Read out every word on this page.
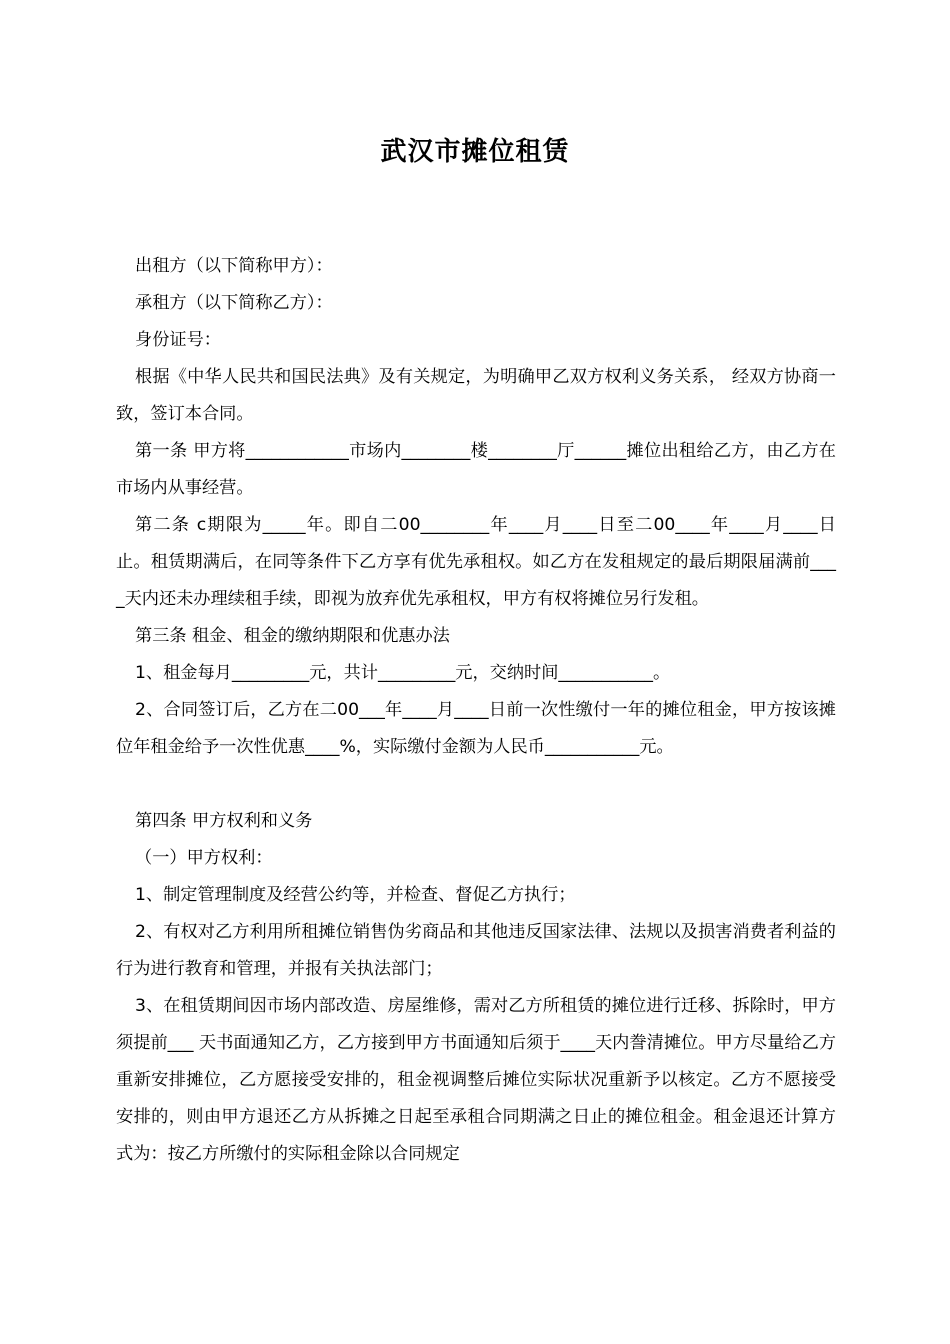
武汉市摊位租赁

出租方（以下简称甲方）：

承租方（以下简称乙方）：

身份证号：

根据《中华人民共和国民法典》及有关规定，为明确甲乙双方权利义务关系， 经双方协商一致，签订本合同。

第一条 甲方将____________市场内________楼________厅______摊位出租给乙方，由乙方在市场内从事经营。

第二条 c期限为_____年。即自二00________年____月____日至二00____年____月____日止。租赁期满后，在同等条件下乙方享有优先承租权。如乙方在发租规定的最后期限届满前____天内还未办理续租手续，即视为放弃优先承租权，甲方有权将摊位另行发租。

第三条 租金、租金的缴纳期限和优惠办法

1、租金每月_________元，共计_________元，交纳时间___________。

2、合同签订后，乙方在二00___年____月____日前一次性缴付一年的摊位租金，甲方按该摊位年租金给予一次性优惠____%，实际缴付金额为人民币___________元。

第四条 甲方权利和义务

（一）甲方权利：

1、制定管理制度及经营公约等，并检查、督促乙方执行；

2、有权对乙方利用所租摊位销售伪劣商品和其他违反国家法律、法规以及损害消费者利益的行为进行教育和管理，并报有关执法部门；

3、在租赁期间因市场内部改造、房屋维修，需对乙方所租赁的摊位进行迁移、拆除时，甲方须提前___ 天书面通知乙方，乙方接到甲方书面通知后须于____天内誊清摊位。甲方尽量给乙方重新安排摊位，乙方愿接受安排的，租金视调整后摊位实际状况重新予以核定。乙方不愿接受安排的，则由甲方退还乙方从拆摊之日起至承租合同期满之日止的摊位租金。租金退还计算方式为：按乙方所缴付的实际租金除以合同规定
